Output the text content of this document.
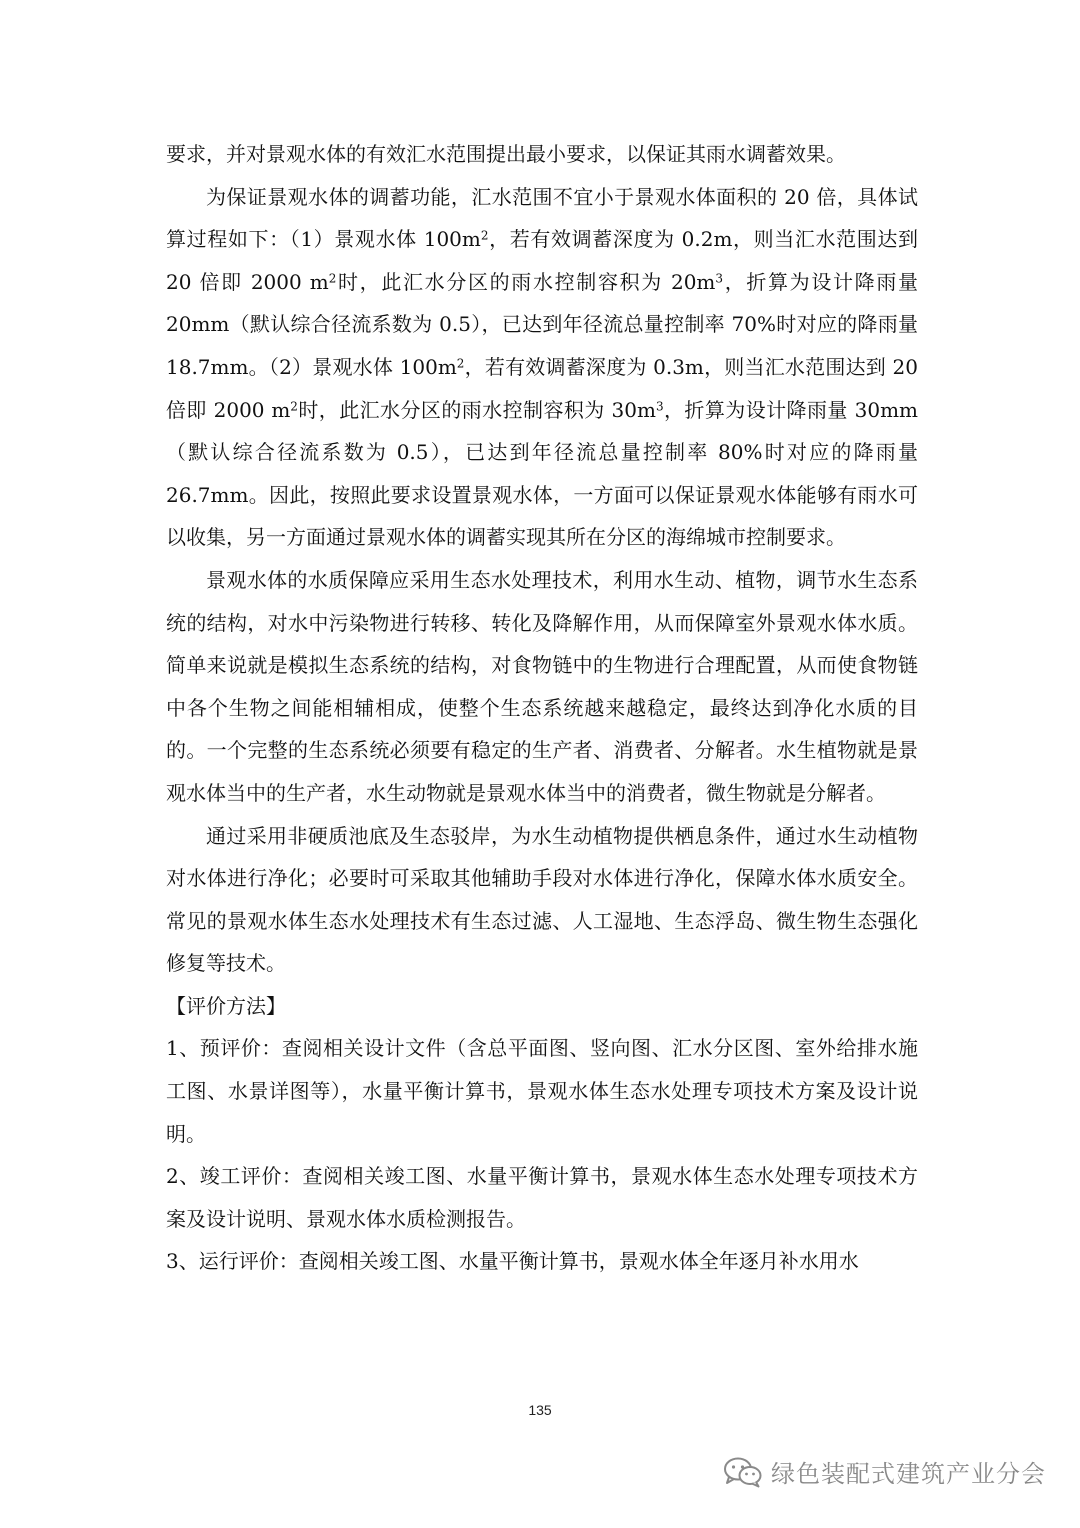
要求，并对景观水体的有效汇水范围提出最小要求，以保证其雨水调蓄效果。

为保证景观水体的调蓄功能，汇水范围不宜小于景观水体面积的 20 倍，具体试算过程如下：（1）景观水体 $100m^2$，若有效调蓄深度为 0.2m，则当汇水范围达到 20 倍即 2000 $m^2$时，此汇水分区的雨水控制容积为 $20m^3$，折算为设计降雨量 20mm（默认综合径流系数为 0.5），已达到年径流总量控制率 70%时对应的降雨量 18.7mm。（2）景观水体 $100m^2$，若有效调蓄深度为 0.3m，则当汇水范围达到 20 倍即 2000 $m^2$时，此汇水分区的雨水控制容积为 $30m^3$，折算为设计降雨量 30mm（默认综合径流系数为 0.5），已达到年径流总量控制率 80%时对应的降雨量 26.7mm。因此，按照此要求设置景观水体，一方面可以保证景观水体能够有雨水可以收集，另一方面通过景观水体的调蓄实现其所在分区的海绵城市控制要求。

景观水体的水质保障应采用生态水处理技术，利用水生动、植物，调节水生态系统的结构，对水中污染物进行转移、转化及降解作用，从而保障室外景观水体水质。简单来说就是模拟生态系统的结构，对食物链中的生物进行合理配置，从而使食物链中各个生物之间能相辅相成，使整个生态系统越来越稳定，最终达到净化水质的目的。一个完整的生态系统必须要有稳定的生产者、消费者、分解者。水生植物就是景观水体当中的生产者，水生动物就是景观水体当中的消费者，微生物就是分解者。

通过采用非硬质池底及生态驳岸，为水生动植物提供栖息条件，通过水生动植物对水体进行净化；必要时可采取其他辅助手段对水体进行净化，保障水体水质安全。常见的景观水体生态水处理技术有生态过滤、人工湿地、生态浮岛、微生物生态强化修复等技术。

【评价方法】

1、预评价：查阅相关设计文件（含总平面图、竖向图、汇水分区图、室外给排水施工图、水景详图等），水量平衡计算书，景观水体生态水处理专项技术方案及设计说明。

2、竣工评价：查阅相关竣工图、水量平衡计算书，景观水体生态水处理专项技术方案及设计说明、景观水体水质检测报告。

3、运行评价：查阅相关竣工图、水量平衡计算书，景观水体全年逐月补水用水

135
绿色装配式建筑产业分会
